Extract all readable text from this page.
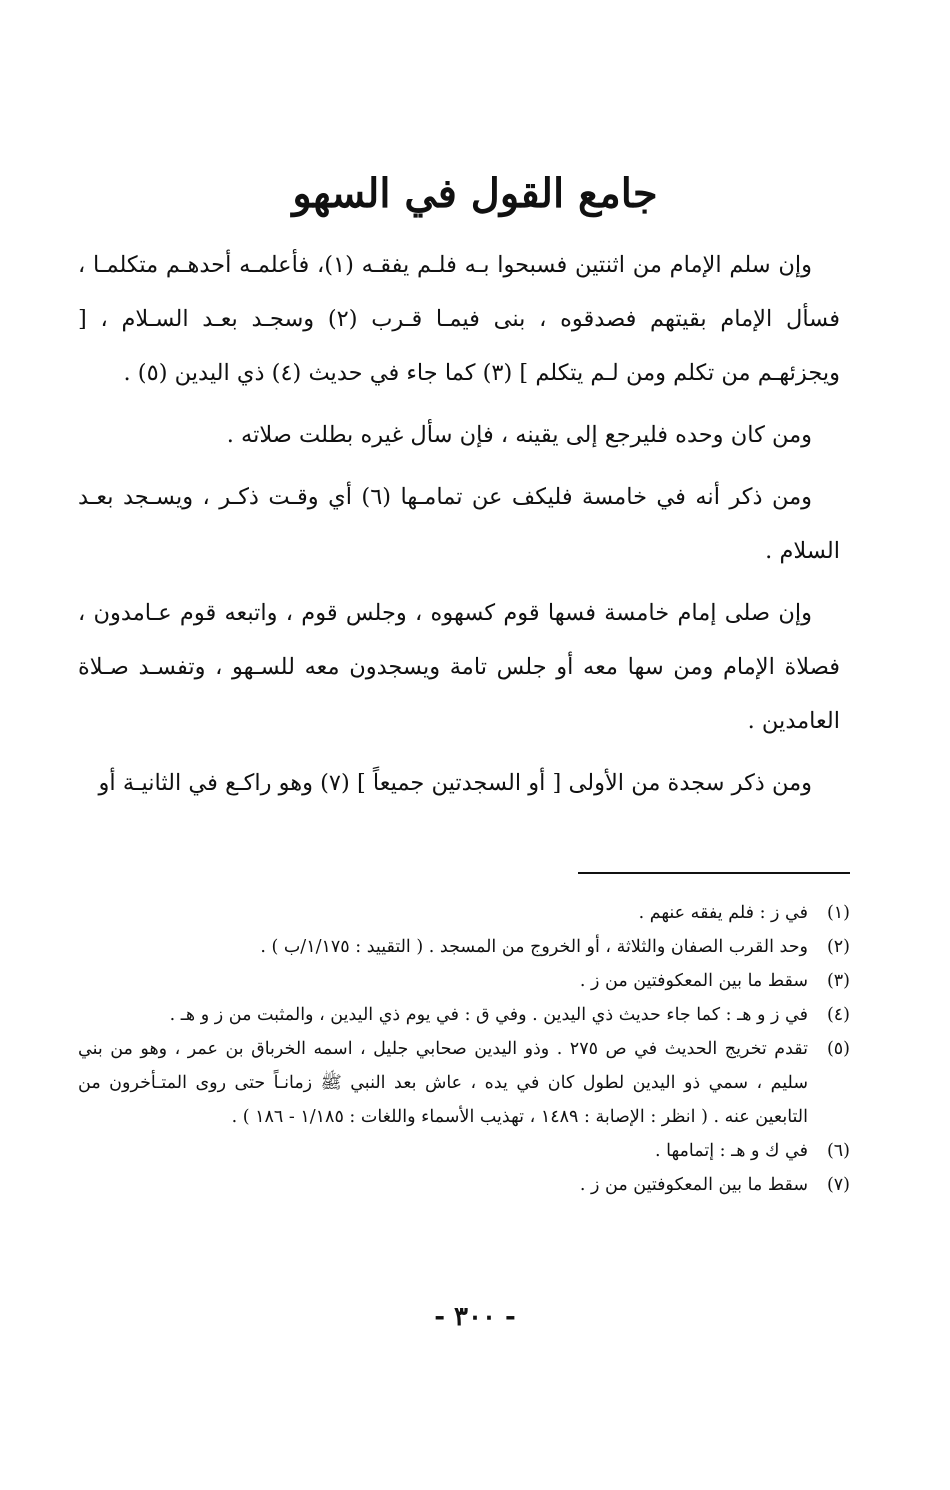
جامع القول في السهو

وإن سلم الإمام من اثنتين فسبحوا بـه فلـم يفقـه (١)، فأعلمـه أحدهـم متكلمـا ، فسأل الإمام بقيتهم فصدقوه ، بنى فيمـا قـرب (٢) وسجـد بعـد السـلام ، [ ويجزئهـم من تكلم ومن لـم يتكلم ] (٣) كما جاء في حديث (٤) ذي اليدين (٥) .

ومن كان وحده فليرجع إلى يقينه ، فإن سأل غيره بطلت صلاته .

ومن ذكر أنه في خامسة فليكف عن تمامـها (٦) أي وقـت ذكـر ، ويسـجد بعـد السلام .

وإن صلى إمام خامسة فسها قوم كسهوه ، وجلس قوم ، واتبعه قوم عـامدون ، فصلاة الإمام ومن سها معه أو جلس تامة ويسجدون معه للسـهو ، وتفسـد صـلاة العامدين .

ومن ذكر سجدة من الأولى [ أو السجدتين جميعاً ] (٧) وهو راكـع في الثانيـة أو

(١)
في ز : فلم يفقه عنهم .
(٢)
وحد القرب الصفان والثلاثة ، أو الخروج من المسجد . ( التقييد : ١/١٧٥/ب ) .
(٣)
سقط ما بين المعكوفتين من ز .
(٤)
في ز و هـ : كما جاء حديث ذي اليدين . وفي ق : في يوم ذي اليدين ، والمثبت من ز و هـ .
(٥)
تقدم تخريج الحديث في ص ٢٧٥ . وذو اليدين صحابي جليل ، اسمه الخرباق بن عمر ، وهو من بني سليم ، سمي ذو اليدين لطول كان في يده ، عاش بعد النبي ﷺ زمانـاً حتى روى المتـأخرون من التابعين عنه . ( انظر : الإصابة : ١٤٨٩ ، تهذيب الأسماء واللغات : ١/١٨٥ - ١٨٦ ) .
(٦)
في ك و هـ : إتمامها .
(٧)
سقط ما بين المعكوفتين من ز .
- ٣٠٠ -
